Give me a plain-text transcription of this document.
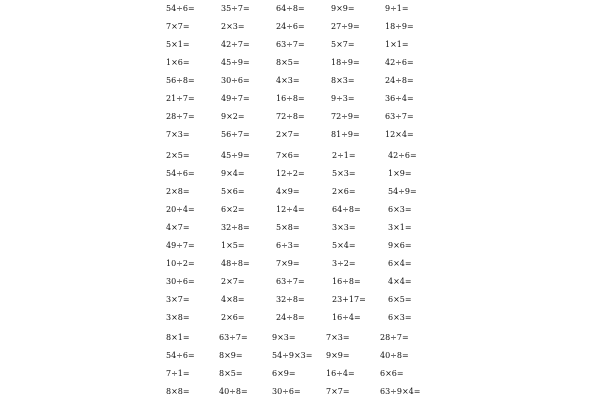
54÷6=	35÷7=	64÷8=	9×9=	9÷1=
7×7=	2×3=	24÷6=	27÷9=	18÷9=
5×1=	42÷7=	63÷7=	5×7=	1×1=
1×6=	45÷9=	8×5=	18÷9=	42÷6=
56÷8=	30÷6=	4×3=	8×3=	24÷8=
21÷7=	49÷7=	16÷8=	9÷3=	36÷4=
28÷7=	9×2=	72÷8=	72÷9=	63÷7=
7×3=	56÷7=	2×7=	81÷9=	12×4=
2×5=	45÷9=	7×6=	2÷1=	42÷6=
54÷6=	9×4=	12÷2=	5×3=	1×9=
2×8=	5×6=	4×9=	2×6=	54÷9=
20÷4=	6×2=	12÷4=	64÷8=	6×3=
4×7=	32÷8=	5×8=	3×3=	3×1=
49÷7=	1×5=	6÷3=	5×4=	9×6=
10÷2=	48÷8=	7×9=	3÷2=	6×4=
30÷6=	2×7=	63÷7=	16÷8=	4×4=
3×7=	4×8=	32÷8=	23+17=	6×5=
3×8=	2×6=	24÷8=	16÷4=	6×3=
8×1=	63÷7=	9×3=	7×3=	28÷7=
54÷6=	8×9=	54÷9×3= 9×9=	40÷8=
7÷1=	8×5=	6×9=	16÷4=	6×6=
8×8=	40÷8=	30÷6=	7×7=	63÷9×4=
